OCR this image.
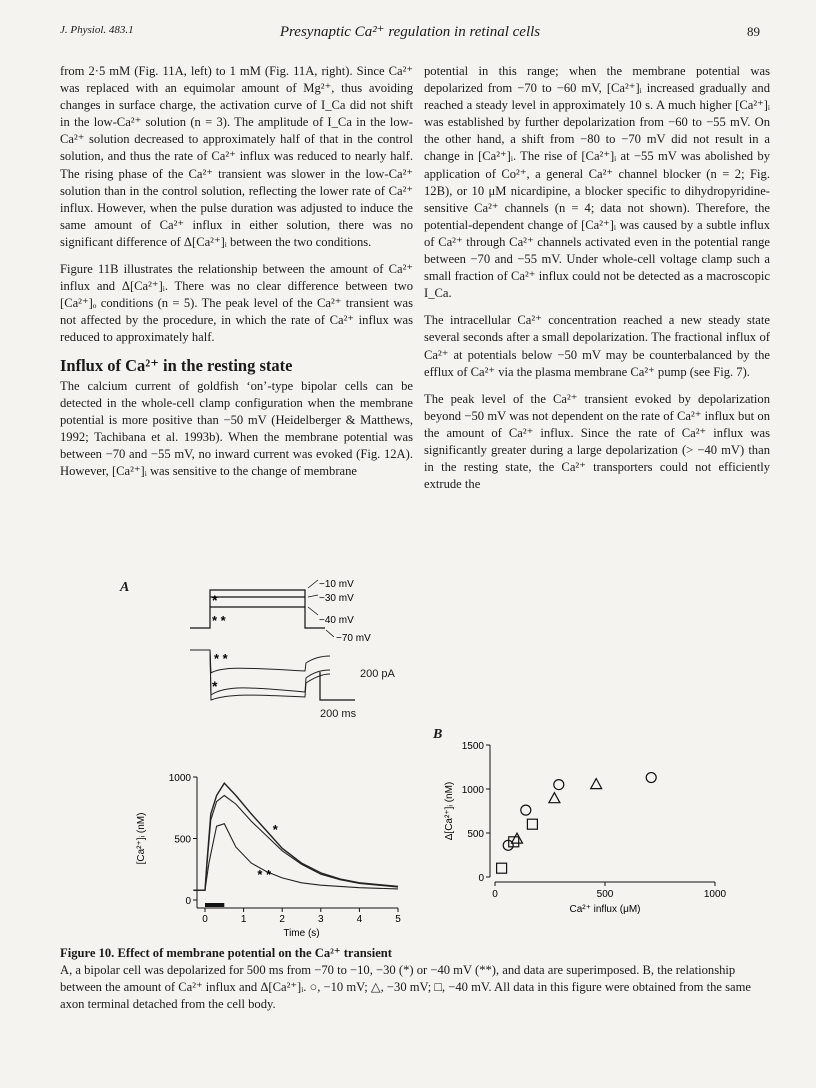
J. Physiol. 483.1	Presynaptic Ca²⁺ regulation in retinal cells	89

from 2·5 mM (Fig. 11A, left) to 1 mM (Fig. 11A, right). Since Ca²⁺ was replaced with an equimolar amount of Mg²⁺, thus avoiding changes in surface charge, the activation curve of I_Ca did not shift in the low-Ca²⁺ solution (n = 3). The amplitude of I_Ca in the low-Ca²⁺ solution decreased to approximately half of that in the control solution, and thus the rate of Ca²⁺ influx was reduced to nearly half. The rising phase of the Ca²⁺ transient was slower in the low-Ca²⁺ solution than in the control solution, reflecting the lower rate of Ca²⁺ influx. However, when the pulse duration was adjusted to induce the same amount of Ca²⁺ influx in either solution, there was no significant difference of Δ[Ca²⁺]ᵢ between the two conditions.

Figure 11B illustrates the relationship between the amount of Ca²⁺ influx and Δ[Ca²⁺]ᵢ. There was no clear difference between two [Ca²⁺]ₒ conditions (n = 5). The peak level of the Ca²⁺ transient was not affected by the procedure, in which the rate of Ca²⁺ influx was reduced to approximately half.

Influx of Ca²⁺ in the resting state

The calcium current of goldfish ‘on’-type bipolar cells can be detected in the whole-cell clamp configuration when the membrane potential is more positive than −50 mV (Heidelberger & Matthews, 1992; Tachibana et al. 1993b). When the membrane potential was between −70 and −55 mV, no inward current was evoked (Fig. 12A). However, [Ca²⁺]ᵢ was sensitive to the change of membrane

potential in this range; when the membrane potential was depolarized from −70 to −60 mV, [Ca²⁺]ᵢ increased gradually and reached a steady level in approximately 10 s. A much higher [Ca²⁺]ᵢ was established by further depolarization from −60 to −55 mV. On the other hand, a shift from −80 to −70 mV did not result in a change in [Ca²⁺]ᵢ. The rise of [Ca²⁺]ᵢ at −55 mV was abolished by application of Co²⁺, a general Ca²⁺ channel blocker (n = 2; Fig. 12B), or 10 μM nicardipine, a blocker specific to dihydropyridine-sensitive Ca²⁺ channels (n = 4; data not shown). Therefore, the potential-dependent change of [Ca²⁺]ᵢ was caused by a subtle influx of Ca²⁺ through Ca²⁺ channels activated even in the potential range between −70 and −55 mV. Under whole-cell voltage clamp such a small fraction of Ca²⁺ influx could not be detected as a macroscopic I_Ca.

The intracellular Ca²⁺ concentration reached a new steady state several seconds after a small depolarization. The fractional influx of Ca²⁺ at potentials below −50 mV may be counterbalanced by the efflux of Ca²⁺ via the plasma membrane Ca²⁺ pump (see Fig. 7).

The peak level of the Ca²⁺ transient evoked by depolarization beyond −50 mV was not dependent on the rate of Ca²⁺ influx but on the amount of Ca²⁺ influx. Since the rate of Ca²⁺ influx was significantly greater during a large depolarization (> −40 mV) than in the resting state, the Ca²⁺ transporters could not efficiently extrude the

A
*
* *
−10 mV
−30 mV
−40 mV
−70 mV
* *
*
200 pA
200 ms
0	1	2	3	4	5
0
500
1000
Time (s)
[Ca²⁺]ᵢ (nM)	*
* *
B
0	500	1000
0
500
1000
1500
Ca²⁺ influx (μM)
Δ[Ca²⁺]ᵢ (nM)

Figure 10. Effect of membrane potential on the Ca²⁺ transient

A, a bipolar cell was depolarized for 500 ms from −70 to −10, −30 (*) or −40 mV (**), and data are superimposed. B, the relationship between the amount of Ca²⁺ influx and Δ[Ca²⁺]ᵢ. ○, −10 mV; △, −30 mV; □, −40 mV. All data in this figure were obtained from the same axon terminal detached from the cell body.
